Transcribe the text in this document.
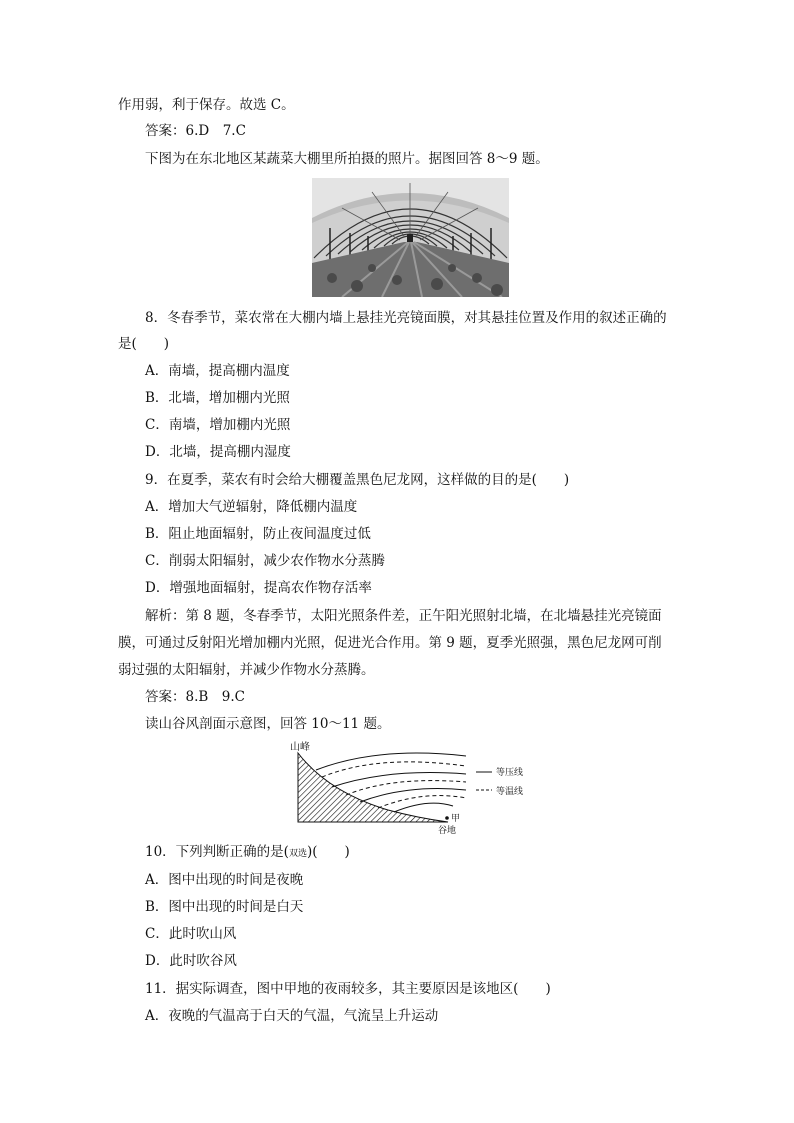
作用弱，利于保存。故选 C。
答案：6.D　7.C
下图为在东北地区某蔬菜大棚里所拍摄的照片。据图回答 8～9 题。
8．冬春季节，菜农常在大棚内墙上悬挂光亮镜面膜，对其悬挂位置及作用的叙述正确的
是(　　)
A．南墙，提高棚内温度
B．北墙，增加棚内光照
C．南墙，增加棚内光照
D．北墙，提高棚内湿度
9．在夏季，菜农有时会给大棚覆盖黑色尼龙网，这样做的目的是(　　)
A．增加大气逆辐射，降低棚内温度
B．阻止地面辐射，防止夜间温度过低
C．削弱太阳辐射，减少农作物水分蒸腾
D．增强地面辐射，提高农作物存活率
解析：第 8 题，冬春季节，太阳光照条件差，正午阳光照射北墙，在北墙悬挂光亮镜面
膜，可通过反射阳光增加棚内光照，促进光合作用。第 9 题，夏季光照强，黑色尼龙网可削
弱过强的太阳辐射，并减少作物水分蒸腾。
答案：8.B　9.C
读山谷风剖面示意图，回答 10～11 题。
山峰
等压线
等温线
甲
谷地
10．下列判断正确的是(双选)(　　)
A．图中出现的时间是夜晚
B．图中出现的时间是白天
C．此时吹山风
D．此时吹谷风
11．据实际调查，图中甲地的夜雨较多，其主要原因是该地区(　　)
A．夜晚的气温高于白天的气温，气流呈上升运动
